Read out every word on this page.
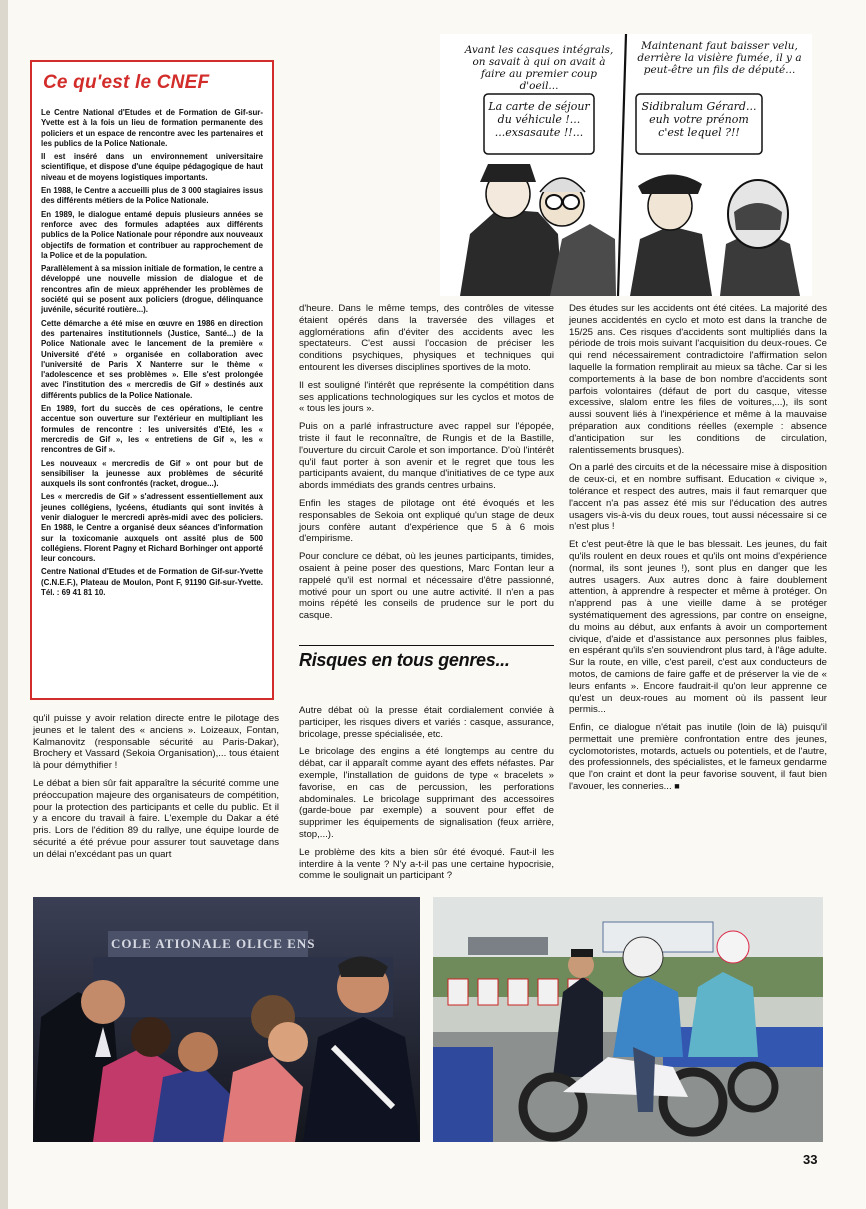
Ce qu'est le CNEF

Le Centre National d'Etudes et de Formation de Gif-sur-Yvette est à la fois un lieu de formation permanente des policiers et un espace de rencontre avec les partenaires et les publics de la Police Nationale.

Il est inséré dans un environnement universitaire scientifique, et dispose d'une équipe pédagogique de haut niveau et de moyens logistiques importants.

En 1988, le Centre a accueilli plus de 3 000 stagiaires issus des différents métiers de la Police Nationale.

En 1989, le dialogue entamé depuis plusieurs années se renforce avec des formules adaptées aux différents publics de la Police Nationale pour répondre aux nouveaux objectifs de formation et contribuer au rapprochement de la Police et de la population.

Parallèlement à sa mission initiale de formation, le centre a développé une nouvelle mission de dialogue et de rencontres afin de mieux appréhender les problèmes de société qui se posent aux policiers (drogue, délinquance juvénile, sécurité routière...).

Cette démarche a été mise en œuvre en 1986 en direction des partenaires institutionnels (Justice, Santé...) de la Police Nationale avec le lancement de la première « Université d'été » organisée en collaboration avec l'université de Paris X Nanterre sur le thème « l'adolescence et ses problèmes ». Elle s'est prolongée avec l'institution des « mercredis de Gif » destinés aux différents publics de la Police Nationale.

En 1989, fort du succès de ces opérations, le centre accentue son ouverture sur l'extérieur en multipliant les formules de rencontre : les universités d'Eté, les « mercredis de Gif », les « entretiens de Gif », les « rencontres de Gif ».

Les nouveaux « mercredis de Gif » ont pour but de sensibiliser la jeunesse aux problèmes de sécurité auxquels ils sont confrontés (racket, drogue...).

Les « mercredis de Gif » s'adressent essentiellement aux jeunes collégiens, lycéens, étudiants qui sont invités à venir dialoguer le mercredi après-midi avec des policiers. En 1988, le Centre a organisé deux séances d'information sur la toxicomanie auxquels ont assité plus de 500 collégiens. Florent Pagny et Richard Borhinger ont apporté leur concours.

Centre National d'Etudes et de Formation de Gif-sur-Yvette (C.N.E.F.), Plateau de Moulon, Pont F, 91190 Gif-sur-Yvette. Tél. : 69 41 81 10.

Avant les casques intégrals, on savait à qui on avait à faire au premier coup d'oeil...
Maintenant faut baisser velu, derrière la visière fumée, il y a peut-être un fils de député...
La carte de séjour du véhicule !... ...exsasaute !!...
Sidibralum Gérard... euh votre prénom c'est lequel ?!!

qu'il puisse y avoir relation directe entre le pilotage des jeunes et le talent des « anciens ». Loizeaux, Fontan, Kalmanovitz (responsable sécurité au Paris-Dakar), Brochery et Vassard (Sekoia Organisation),... tous étaient là pour démythifier !

Le débat a bien sûr fait apparaître la sécurité comme une préoccupation majeure des organisateurs de compétition, pour la protection des participants et celle du public. Et il y a encore du travail à faire. L'exemple du Dakar a été pris. Lors de l'édition 89 du rallye, une équipe lourde de sécurité a été prévue pour assurer tout sauvetage dans un délai n'excédant pas un quart

d'heure. Dans le même temps, des contrôles de vitesse étaient opérés dans la traversée des villages et agglomérations afin d'éviter des accidents avec les spectateurs. C'est aussi l'occasion de préciser les conditions psychiques, physiques et techniques qui entourent les diverses disciplines sportives de la moto.

Il est souligné l'intérêt que représente la compétition dans ses applications technologiques sur les cyclos et motos de « tous les jours ».

Puis on a parlé infrastructure avec rappel sur l'épopée, triste il faut le reconnaître, de Rungis et de la Bastille, l'ouverture du circuit Carole et son importance. D'où l'intérêt qu'il faut porter à son avenir et le regret que tous les participants avaient, du manque d'initiatives de ce type aux abords immédiats des grands centres urbains.

Enfin les stages de pilotage ont été évoqués et les responsables de Sekoia ont expliqué qu'un stage de deux jours confère autant d'expérience que 5 à 6 mois d'empirisme.

Pour conclure ce débat, où les jeunes participants, timides, osaient à peine poser des questions, Marc Fontan leur a rappelé qu'il est normal et nécessaire d'être passionné, motivé pour un sport ou une autre activité. Il n'en a pas moins répété les conseils de prudence sur le port du casque.

Risques en tous genres...

Autre débat où la presse était cordialement conviée à participer, les risques divers et variés : casque, assurance, bricolage, presse spécialisée, etc.

Le bricolage des engins a été longtemps au centre du débat, car il apparaît comme ayant des effets néfastes. Par exemple, l'installation de guidons de type « bracelets » favorise, en cas de percussion, les perforations abdominales. Le bricolage supprimant des accessoires (garde-boue par exemple) a souvent pour effet de supprimer les équipements de signalisation (feux arrière, stop,...).

Le problème des kits a bien sûr été évoqué. Faut-il les interdire à la vente ? N'y a-t-il pas une certaine hypocrisie, comme le soulignait un participant ?

Des études sur les accidents ont été citées. La majorité des jeunes accidentés en cyclo et moto est dans la tranche de 15/25 ans. Ces risques d'accidents sont multipliés dans la période de trois mois suivant l'acquisition du deux-roues. Ce qui rend nécessairement contradictoire l'affirmation selon laquelle la formation remplirait au mieux sa tâche. Car si les comportements à la base de bon nombre d'accidents sont parfois volontaires (défaut de port du casque, vitesse excessive, slalom entre les files de voitures,...), ils sont aussi souvent liés à l'inexpérience et même à la mauvaise préparation aux conditions réelles (exemple : absence d'anticipation sur les conditions de circulation, ralentissements brusques).

On a parlé des circuits et de la nécessaire mise à disposition de ceux-ci, et en nombre suffisant. Education « civique », tolérance et respect des autres, mais il faut remarquer que l'accent n'a pas assez été mis sur l'éducation des autres usagers vis-à-vis du deux roues, tout aussi nécessaire si ce n'est plus !

Et c'est peut-être là que le bas blessait. Les jeunes, du fait qu'ils roulent en deux roues et qu'ils ont moins d'expérience (normal, ils sont jeunes !), sont plus en danger que les autres usagers. Aux autres donc à faire doublement attention, à apprendre à respecter et même à protéger. On n'apprend pas à une vieille dame à se protéger systématiquement des agressions, par contre on enseigne, du moins au début, aux enfants à avoir un comportement civique, d'aide et d'assistance aux personnes plus faibles, en espérant qu'ils s'en souviendront plus tard, à l'âge adulte. Sur la route, en ville, c'est pareil, c'est aux conducteurs de motos, de camions de faire gaffe et de préserver la vie de « leurs enfants ». Encore faudrait-il qu'on leur apprenne ce qu'est un deux-roues au moment où ils passent leur permis...

Enfin, ce dialogue n'était pas inutile (loin de là) puisqu'il permettait une première confrontation entre des jeunes, cyclomotoristes, motards, actuels ou potentiels, et de l'autre, des professionnels, des spécialistes, et le fameux gendarme que l'on craint et dont la peur favorise souvent, il faut bien l'avouer, les conneries... ■

COLE ATIONALE OLICE ENS
33
